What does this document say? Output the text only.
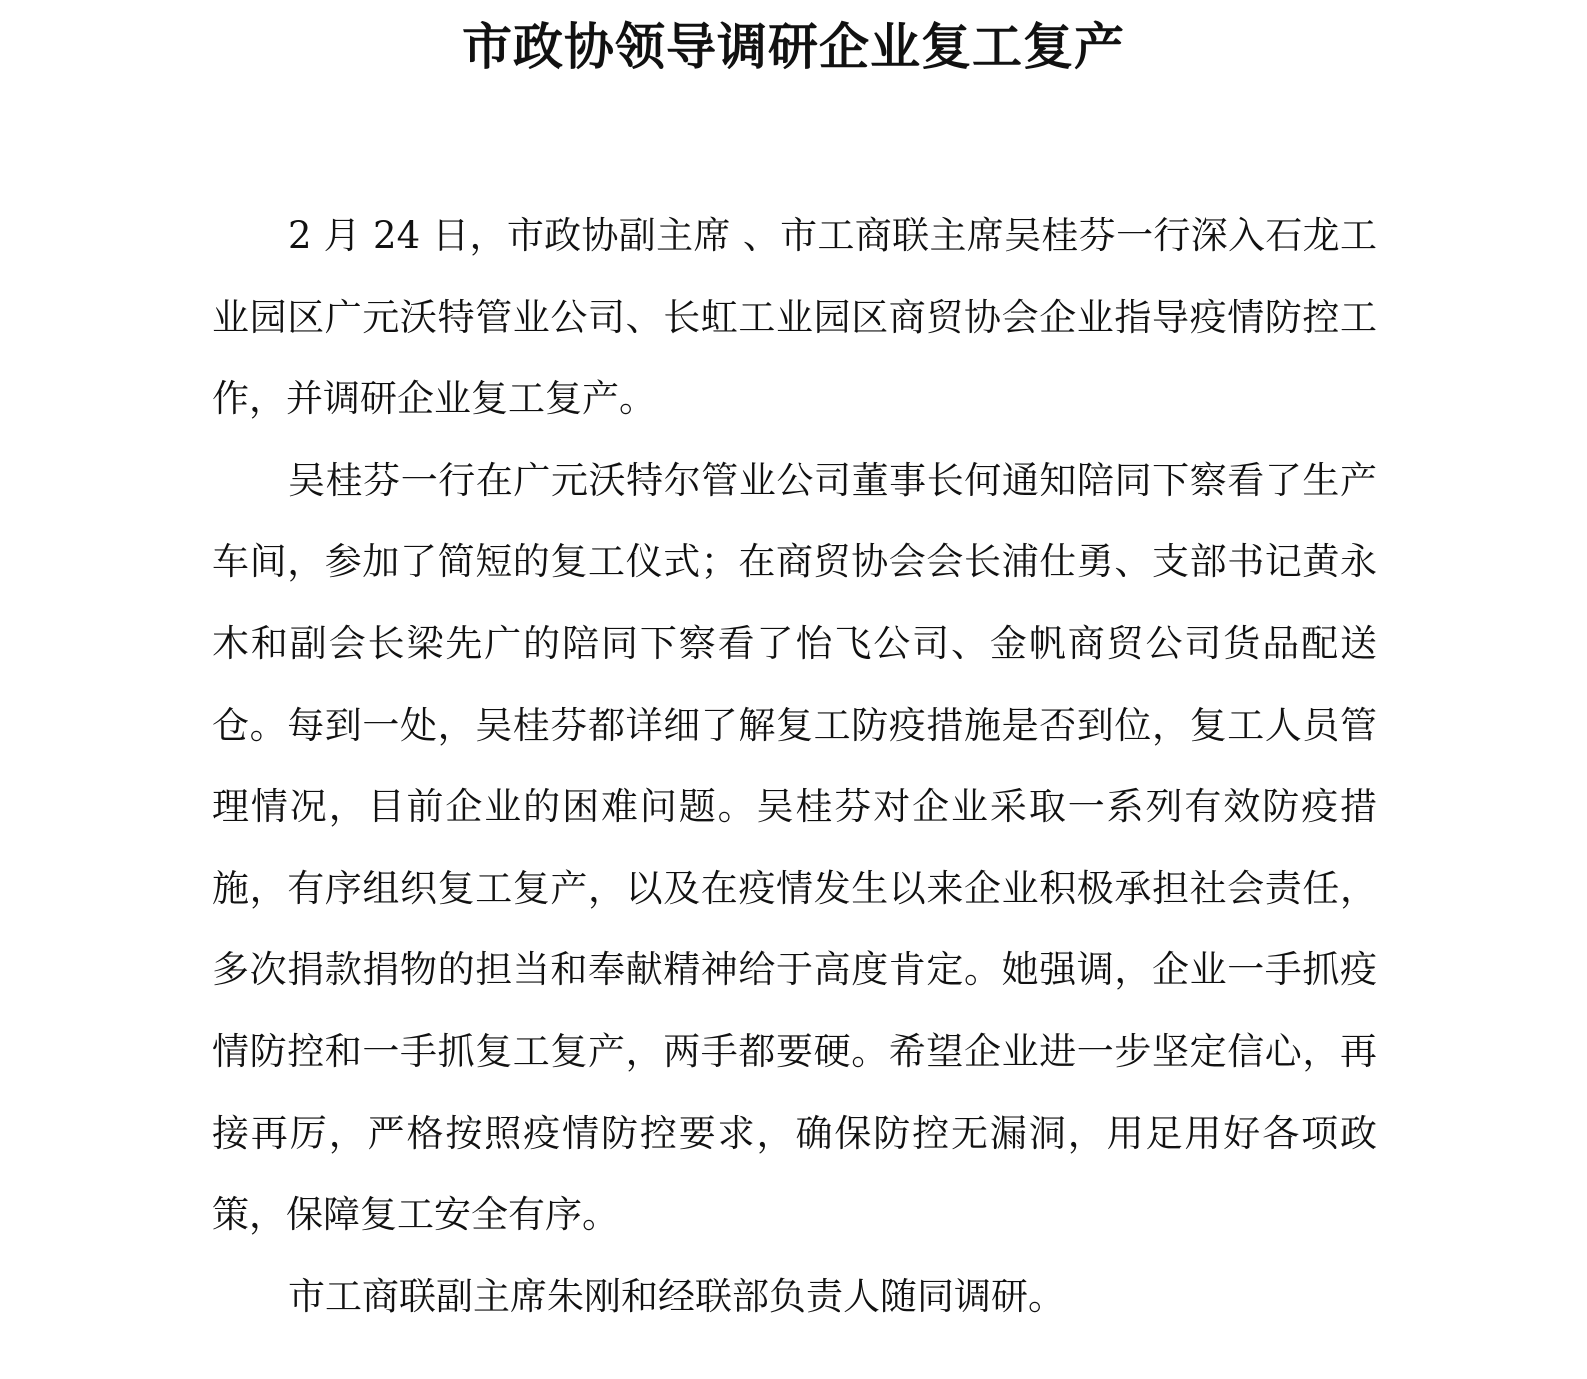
市政协领导调研企业复工复产

2 月 24 日，市政协副主席 、市工商联主席吴桂芬一行深入石龙工业园区广元沃特管业公司、长虹工业园区商贸协会企业指导疫情防控工作，并调研企业复工复产。

吴桂芬一行在广元沃特尔管业公司董事长何通知陪同下察看了生产车间，参加了简短的复工仪式；在商贸协会会长浦仕勇、支部书记黄永木和副会长梁先广的陪同下察看了怡飞公司、金帆商贸公司货品配送仓。每到一处，吴桂芬都详细了解复工防疫措施是否到位，复工人员管理情况，目前企业的困难问题。吴桂芬对企业采取一系列有效防疫措施，有序组织复工复产，以及在疫情发生以来企业积极承担社会责任，多次捐款捐物的担当和奉献精神给于高度肯定。她强调，企业一手抓疫情防控和一手抓复工复产，两手都要硬。希望企业进一步坚定信心，再接再厉，严格按照疫情防控要求，确保防控无漏洞，用足用好各项政策，保障复工安全有序。

市工商联副主席朱刚和经联部负责人随同调研。
